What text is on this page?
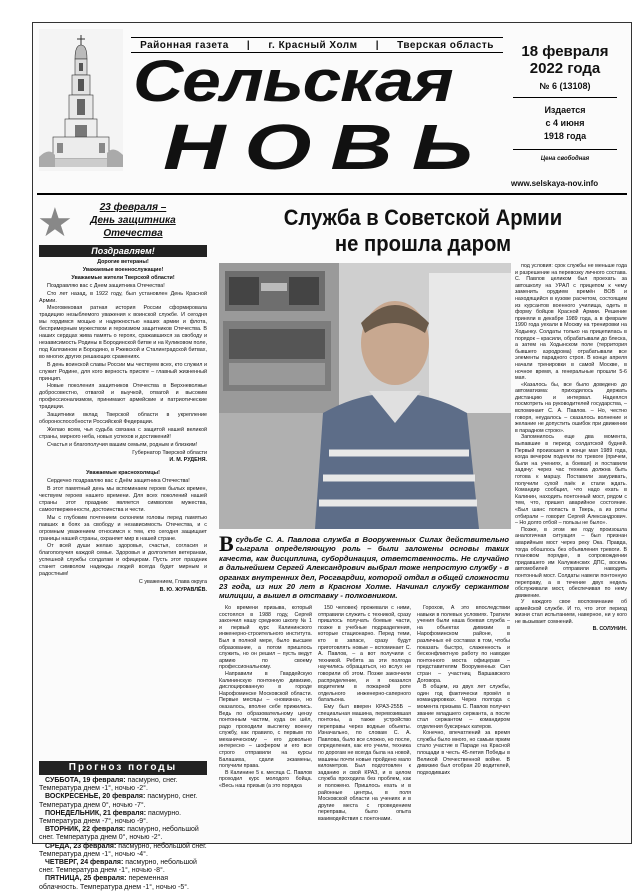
Районная газета | г. Красный Холм | Тверская область
Сельская
НОВЬ
18 февраля
2022 года
№ 6 (13108)
Издается
с 4 июня
1918 года
Цена свободная
www.selskaya-nov.info
★	23 февраля –
День защитника
Отечества
Поздравляем!

Дорогие ветераны!

Уважаемые военнослужащие!

Уважаемые жители Тверской области!

Поздравляю вас с Днем защитника Отечества!

Сто лет назад, в 1922 году, был установлен День Красной Армии.

Многовековая ратная история России сформировала традицию незыблемого уважения к воинской службе. И сегодня мы гордимся мощью и надежностью наших армии и флота, беспримерным мужеством и героизмом защитников Отечества. В наших сердцах жива память о героях, сражавшихся за свободу и независимость Родины в Бородинской битве и на Куликовом поле, под Калязином и Бородино, в Ржевской и Сталинградской битвах, во многих других решающих сражениях.

В день воинской славы России мы чествуем всех, кто служил и служит Родине, для кого верность присяге – главный жизненный принцип.

Новые поколения защитников Отечества в Верхневолжье добросовестно, отвагой и выучкой, отвагой и высоким профессионализмом, принимают армейские и патриотические традиции.

Защитники вклад Тверской области в укрепление обороноспособности Российской Федерации.

Желаю всем, чья судьба связана с защитой нашей великой страны, мирного неба, новых успехов и достижений!

Счастья и благополучия вашим семьям, родным и близким!

Губернатор Тверской области

И. М. РУДЕНЯ.

Уважаемые краснохолмцы!

Сердечно поздравляю вас с Днём защитника Отечества!

В этот памятный день мы вспоминаем героев былых времен, чествуем героев нашего времени. Для всех поколений нашей страны этот праздник является символом мужества, самоотверженности, достоинства и чести.

Мы с глубоким почтением склоняем головы перед памятью павших в боях за свободу и независимость Отечества, и с огромным уважением относимся к тем, кто сегодня защищает границы нашей страны, охраняет мир в нашей стране.

От всей души желаю здоровья, счастья, согласия и благополучия каждой семье. Здоровья и долголетия ветеранам, успешной службы солдатам и офицерам. Пусть этот праздник станет символом надежды людей всегда будет мирным и радостным!

С уважением, Глава округа

В. Ю. ЖУРАВЛЁВ.

Прогноз погоды

СУББОТА, 19 февраля: пасмурно, снег. Температура днем -1°, ночью -2°.

ВОСКРЕСЕНЬЕ, 20 февраля: пасмурно, снег. Температура днем 0°, ночью -7°.

ПОНЕДЕЛЬНИК, 21 февраля: пасмурно. Температура днем -7°, ночью -9°.

ВТОРНИК, 22 февраля: пасмурно, небольшой снег. Температура днем 0°, ночью -2°.

СРЕДА, 23 февраля: пасмурно, небольшой снег. Температура днем -1°, ночью -4°.

ЧЕТВЕРГ, 24 февраля: пасмурно, небольшой снег. Температура днем -1°, ночью -8°.

ПЯТНИЦА, 25 февраля: переменная облачность. Температура днем -1°, ночью -5°.

Служба в Советской Армии
не прошла даром
Всудьбе С. А. Павлова служба в Вооруженных Силах действительно сыграла определяющую роль – были заложены основы таких качеств, как дисциплина, субординация, ответственность. Не случайно в дальнейшем Сергей Александрович выбрал тоже непростую службу - в органах внутренних дел, Росгвардии, которой отдал в общей сложности 23 года, из них 20 лет в Красном Холме. Начинал службу сержантом милиции, а вышел в отставку - полковником.

под условия: срок службы не меньше года и разрешение на перевозку личного состава. С. Павлов целиком был проехать за автошколу на УРАЛ с прицепом к чему заменить орудием времён ВОВ и находящийся в кузове расчетом, состоящим из курсантов военного училища, одеть в форму бойцов Красной Армии. Решение приняли в декабре 1989 года, а в феврале 1990 года уехали в Москву на тренировки на Ходынку. Солдаты только на прицепилась в порядок – красили, обрабатывали до блеска, а затем на Ходынском поле (территория бывшего аэродрома) отрабатывали все элементы парадного строя. В конце апреля начали тренировки в самой Москве, в ночное время, а генеральные прошли 5-6 мая.

«Казалось бы, все было доведено до автоматизма: приходилось держать дистанцию и интервал. Надеялся посмотреть на руководителей государства, – вспоминает С. А. Павлов. – Но, честно говоря, неудалось – сказалось волнение и желание не допустить ошибок при движении в парадном строю».

Запомнилось еще два момента, выпавшие в период солдатской будней. Первый произошел в конце мая 1989 года, когда вечером подняли по тревоге (причем, были на учениях, а боевая) и поставили задачу: через час техника должна быть готова к маршу. Поставили закуривать, получили сухой паёк и стали ждать. Командир сообщил, что надо ехать в Калинин, находить понтонный мост, рядом с тем, что, пришел аварийное состояние. «Был шанс попасть в Тверь, а из роты отбирали – говорит Сергей Александрович. – Но долго отбой – пользы не было».

Позже, в этом же году произошла аналогичная ситуация – был признан аварийным мост через реку Ока. Правда, тогда обошлось без объявления тревоги. В плановом порядке, в сопровождении придавшего им Калужинских ДПС, восемь автомобилей отправили наводить понтонный мост. Солдаты навели понтонную переправу, а в течение двух недель обслуживали мост, обеспечивая по нему движение.

У каждого свое воспоминание об армейской службе. И то, что этот период жизни стал испытанием, наверное, ни у кого не вызывает сомнений.

В. СОЛУНИН.

Ко времени призыва, который состоялся в 1988 году, Сергей закончил нашу среднюю школу № 1 и первый курс Калининского инженерно-строительного института. Был в полной мере, было высшее образование, а потом пришлось служить, но он решил – пусть ведут армию по своему профессиональному.

Направили в Гвардейскую Калининскую понтонную дивизию, дислоцированную в городе Нарофоминске Московской области. Первые месяцы – «новизна», но оказалось, вполне себе прижились. Ведь по образовательному цензу понтонным частям, куда он шёл, радо проходили выслегку военну службу, как правило, с первым по механическому – его довольно интересно – шофером и его все строго отправили на курсы Балашиха, сдали экзамены, получили права.

В Калинине 5 к. месяца С. Павлов проходил курс молодого бойца. «Весь наш призыв (а это порядка

150 человек) прожевали с ними, отправили служить с техникой, сразу пришлось получать боевые части, позже в учебные подразделения, которые стационарно. Перед теми, кто в запасе, сразу будут приготовлять новые – вспоминает С. А. Павлов, – а вот получили с техникой. Ребята за эти полгода научились обращаться, но вслух не говорили об этом. Позже закончили распределение, и я оказался водителем в пожарной роте отдельного инженерно-саперного батальона.

Ему был вверен КРАЗ-255Б – специальная машина, перевозившая понтоны, а также устройство переправы через водные объекты. Изначально, по словам С. А. Павлова, было все сложно, но после, определения, как его учили, техника по дорогам не всегда была на новой, машины почти новые пройдено мало километров. Был подготовлен к заданию и свой КРАЗ, и в целом служба проходила без проблем, как и положено. Пришлось ехать и в районные центры, в поля Московской области на учениях и в другие места с проведением переправы, было опыта взаимодействия с понтонами.

Горохов, А это впоследствии навыки в полевых условиях. Тратили учения были наша боевая служба – на объектах дивизии в Нарофоминском районе, в различных её составах в том, чтобы показать быстро, слаженность и бесконфликтную работу по наводке понтонного моста офицерам – представителям Вооруженных Сил стран – участниц Варшавского Договора.

В общем, из двух лет службы, один год фактически провёл в командировках. Через полгода с момента призыва С. Павлов получил звание младшего сержанта, а после стал сержантом – командиром отделения буксирных катеров.

Конечно, впечатлений за время службы было много, но самым ярким стало участие в Параде на Красной площади в честь 45-летия Победы в Великой Отечественной войне. В дивизию был отобран 20 водителей, подходивших
